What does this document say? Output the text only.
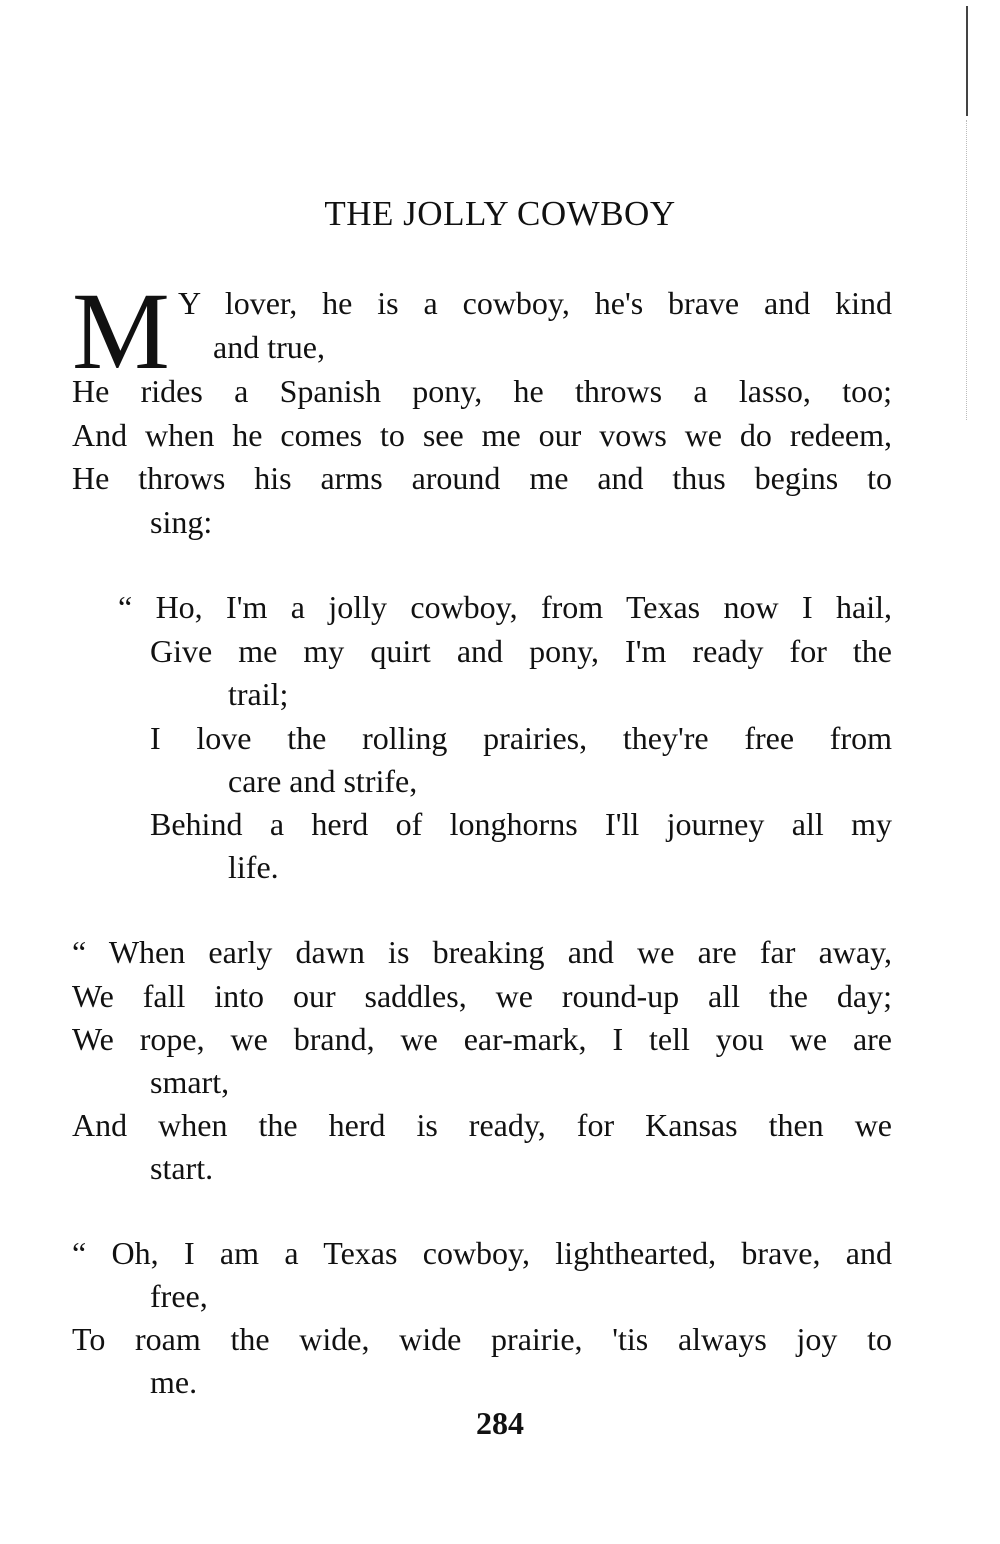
THE JOLLY COWBOY
M Y lover, he is a cowboy, he's brave and kind
and true,
He rides a Spanish pony, he throws a lasso, too;
And when he comes to see me our vows we do redeem,
He throws his arms around me and thus begins to
sing:
“ Ho, I'm a jolly cowboy, from Texas now I hail,
Give me my quirt and pony, I'm ready for the
trail;
I love the rolling prairies, they're free from
care and strife,
Behind a herd of longhorns I'll journey all my
life.
“ When early dawn is breaking and we are far away,
We fall into our saddles, we round-up all the day;
We rope, we brand, we ear-mark, I tell you we are
smart,
And when the herd is ready, for Kansas then we
start.
“ Oh, I am a Texas cowboy, lighthearted, brave, and
free,
To roam the wide, wide prairie, 'tis always joy to
me.
284
